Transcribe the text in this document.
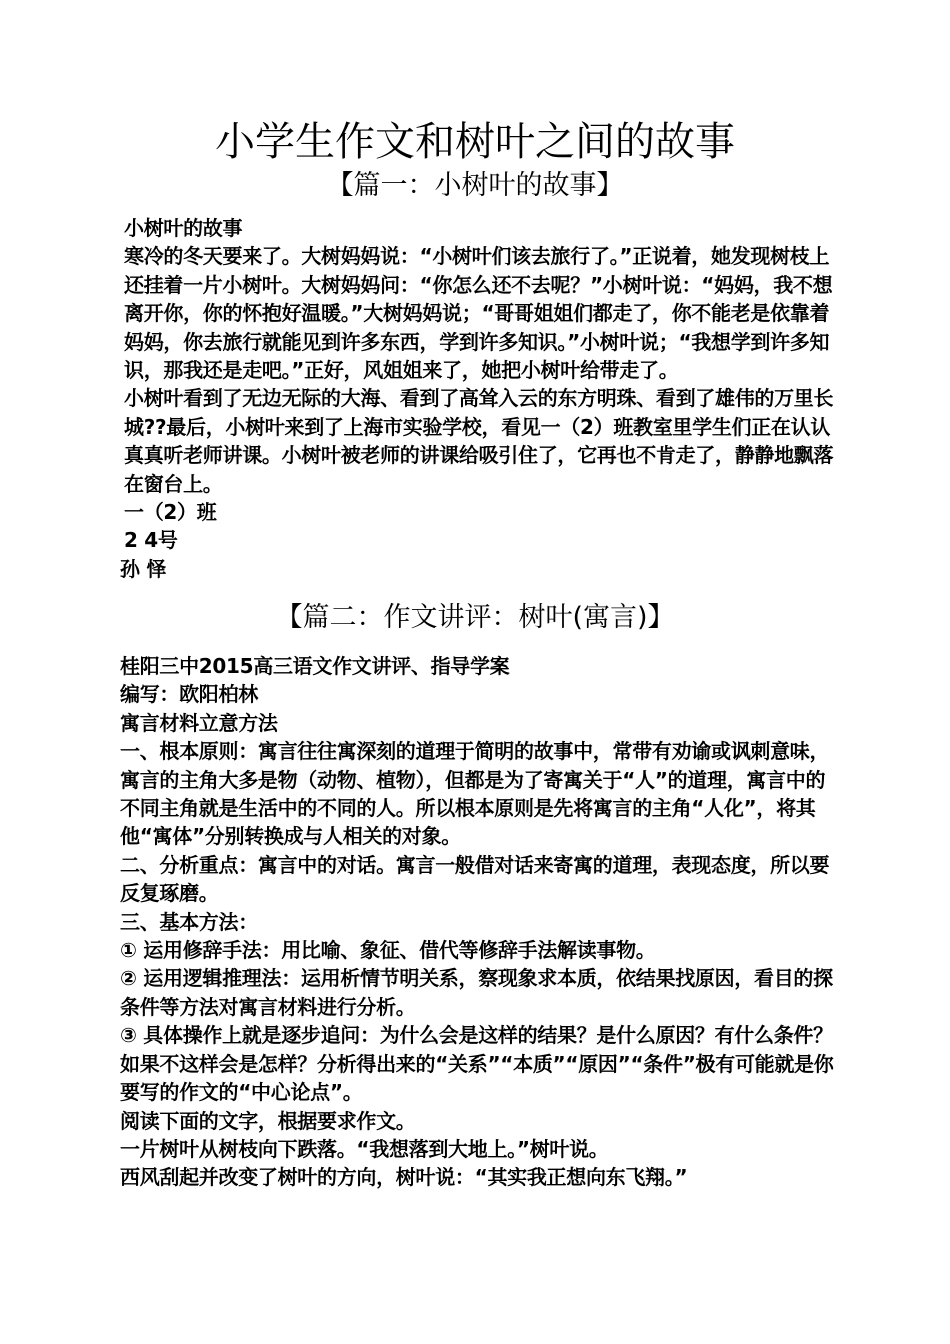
小学生作文和树叶之间的故事
【篇一：小树叶的故事】

小树叶的故事

寒冷的冬天要来了。大树妈妈说：“小树叶们该去旅行了。”正说着，她发现树枝上还挂着一片小树叶。大树妈妈问：“你怎么还不去呢？”小树叶说：“妈妈，我不想离开你，你的怀抱好温暖。”大树妈妈说；“哥哥姐姐们都走了，你不能老是依靠着妈妈，你去旅行就能见到许多东西，学到许多知识。”小树叶说；“我想学到许多知识，那我还是走吧。”正好，风姐姐来了，她把小树叶给带走了。

小树叶看到了无边无际的大海、看到了高耸入云的东方明珠、看到了雄伟的万里长城??最后，小树叶来到了上海市实验学校，看见一（2）班教室里学生们正在认认真真听老师讲课。小树叶被老师的讲课给吸引住了，它再也不肯走了，静静地飘落在窗台上。

一（2）班

2 4号

孙 怿

【篇二：作文讲评：树叶(寓言)】

桂阳三中2015高三语文作文讲评、指导学案

编写：欧阳柏林

寓言材料立意方法

一、根本原则：寓言往往寓深刻的道理于简明的故事中，常带有劝谕或讽刺意味，寓言的主角大多是物（动物、植物），但都是为了寄寓关于“人”的道理，寓言中的不同主角就是生活中的不同的人。所以根本原则是先将寓言的主角“人化”，将其他“寓体”分别转换成与人相关的对象。

二、分析重点：寓言中的对话。寓言一般借对话来寄寓的道理，表现态度，所以要反复琢磨。

三、基本方法：

① 运用修辞手法：用比喻、象征、借代等修辞手法解读事物。

② 运用逻辑推理法：运用析情节明关系，察现象求本质，依结果找原因，看目的探条件等方法对寓言材料进行分析。

③ 具体操作上就是逐步追问：为什么会是这样的结果？是什么原因？有什么条件？如果不这样会是怎样？分析得出来的“关系”“本质”“原因”“条件”极有可能就是你要写的作文的“中心论点”。

阅读下面的文字，根据要求作文。

一片树叶从树枝向下跌落。“我想落到大地上。”树叶说。

西风刮起并改变了树叶的方向，树叶说：“其实我正想向东飞翔。”
